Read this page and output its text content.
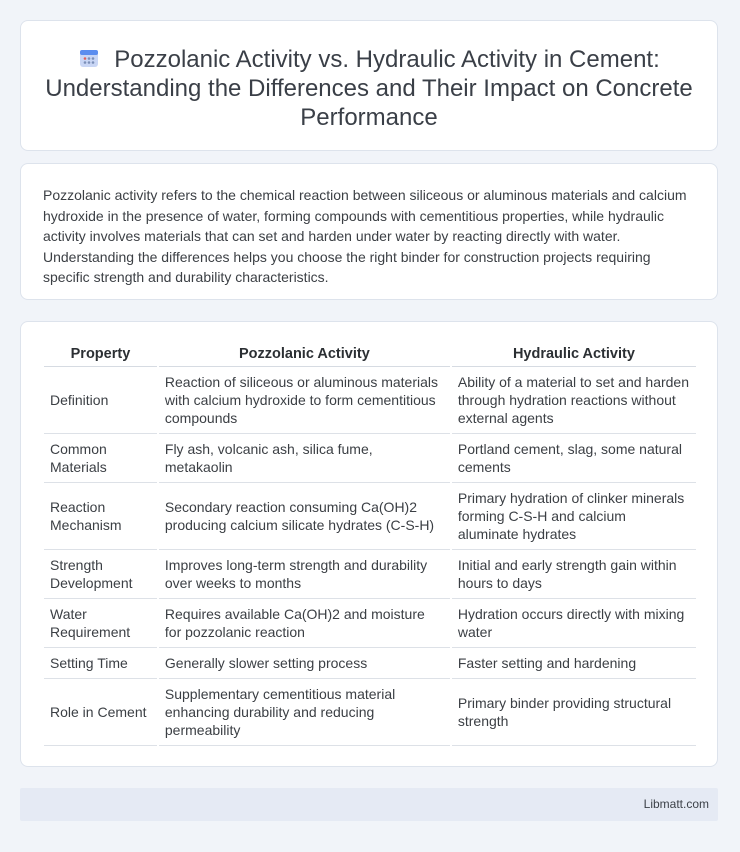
Pozzolanic Activity vs. Hydraulic Activity in Cement: Understanding the Differences and Their Impact on Concrete Performance

Pozzolanic activity refers to the chemical reaction between siliceous or aluminous materials and calcium hydroxide in the presence of water, forming compounds with cementitious properties, while hydraulic activity involves materials that can set and harden under water by reacting directly with water. Understanding the differences helps you choose the right binder for construction projects requiring specific strength and durability characteristics.

Property	Pozzolanic Activity	Hydraulic Activity
Definition	Reaction of siliceous or aluminous materials with calcium hydroxide to form cementitious compounds	Ability of a material to set and harden through hydration reactions without external agents
Common Materials	Fly ash, volcanic ash, silica fume, metakaolin	Portland cement, slag, some natural cements
Reaction Mechanism	Secondary reaction consuming Ca(OH)2 producing calcium silicate hydrates (C-S-H)	Primary hydration of clinker minerals forming C-S-H and calcium aluminate hydrates
Strength Development	Improves long-term strength and durability over weeks to months	Initial and early strength gain within hours to days
Water Requirement	Requires available Ca(OH)2 and moisture for pozzolanic reaction	Hydration occurs directly with mixing water
Setting Time	Generally slower setting process	Faster setting and hardening
Role in Cement	Supplementary cementitious material enhancing durability and reducing permeability	Primary binder providing structural strength
Libmatt.com
